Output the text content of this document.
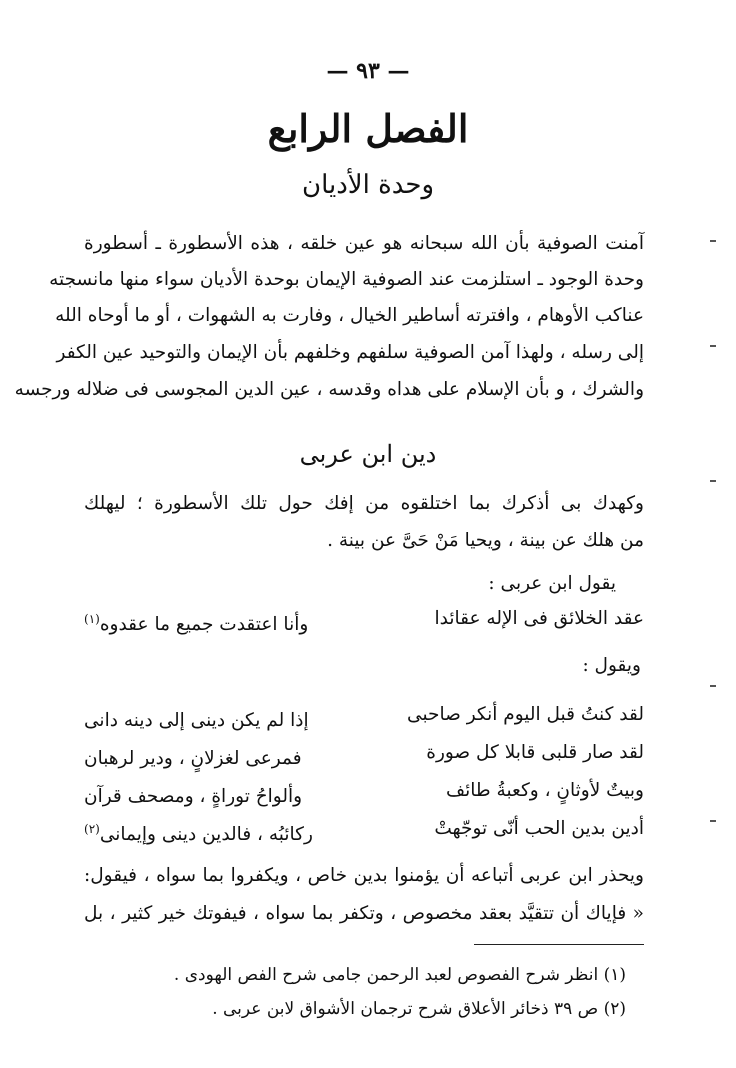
— ٩٣ —
الفصل الرابع
وحدة الأديان
آمنت الصوفية بأن الله سبحانه هو عين خلقه ، هذه الأسطورة ـ أسطورة
وحدة الوجود ـ استلزمت عند الصوفية الإيمان بوحدة الأديان سواء منها مانسجته
عناكب الأوهام ، وافترته أساطير الخيال ، وفارت به الشهوات ، أو ما أوحاه الله
إلى رسله ، ولهذا آمن الصوفية سلفهم وخلفهم بأن الإيمان والتوحيد عين الكفر
والشرك ، و بأن الإسلام على هداه وقدسه ، عين الدين المجوسى فى ضلاله ورجسه
دين ابن عربى
وكهدك بى أذكرك بما اختلقوه من إفك حول تلك الأسطورة ؛ ليهلك
من هلك عن بينة ، ويحيا مَنْ حَىَّ عن بينة .
يقول ابن عربى :
عقد الخلائق فى الإله عقائدا
وأنا اعتقدت جميع ما عقدوه$^{(١)}$
ويقول :
لقد كنتُ قبل اليوم أنكر صاحبى
إذا لم يكن دينى إلى دينه دانى
لقد صار قلبى قابلا كل صورة
فمرعى لغزلانٍ ، ودير لرهبان
وبيتٌ لأوثانٍ ، وكعبةُ طائف
وألواحُ توراةٍ ، ومصحف قرآن
أدين بدين الحب أنّى توجّهتْ
ركائبُه ، فالدين دينى وإيمانى$^{(٢)}$
ويحذر ابن عربى أتباعه أن يؤمنوا بدين خاص ، ويكفروا بما سواه ، فيقول:
« فإياك أن تتقيَّد بعقد مخصوص ، وتكفر بما سواه ، فيفوتك خير كثير ، بل
(١) انظر شرح الفصوص لعبد الرحمن جامى شرح الفص الهودى .
(٢) ص ٣٩ ذخائر الأعلاق شرح ترجمان الأشواق لابن عربى .
